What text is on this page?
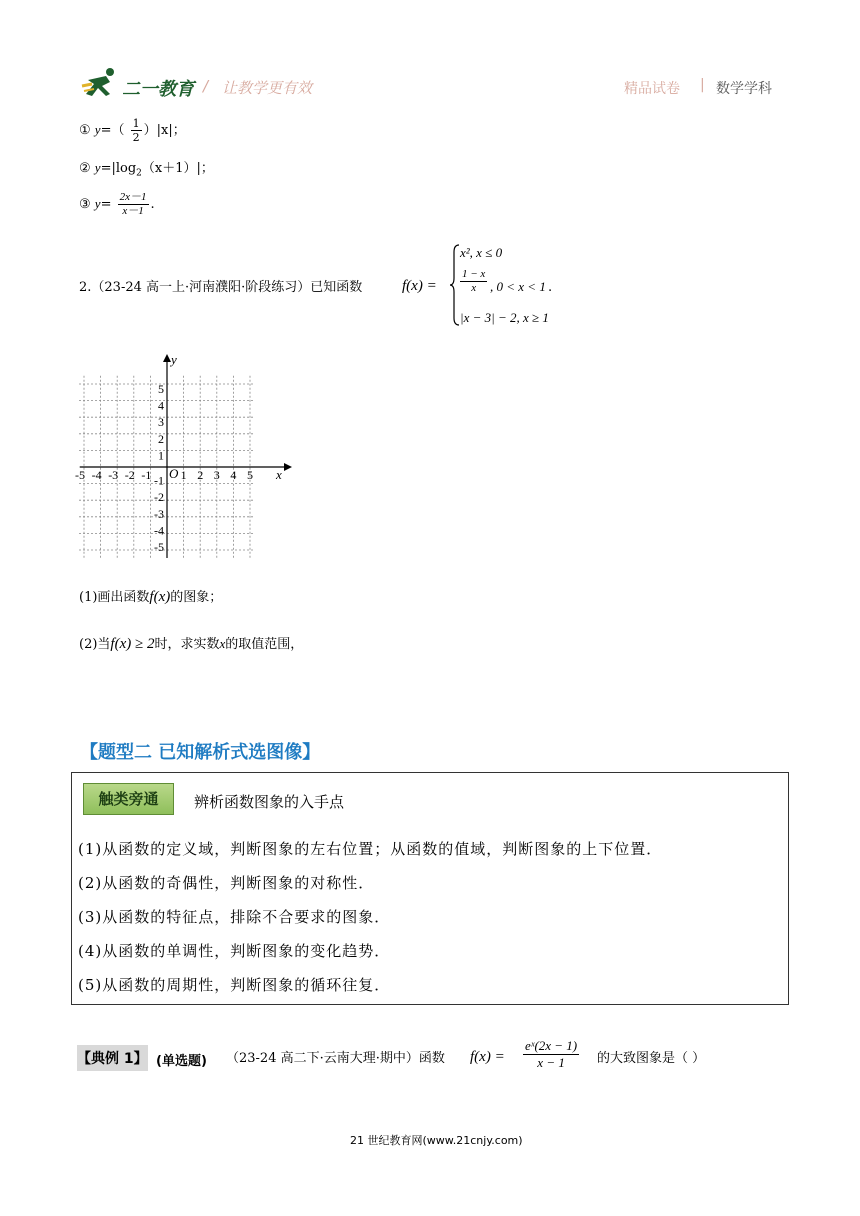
二一教育 / 让教学更有效	精品试卷 | 数学学科
① $y=( \frac{1}{2} )|x|$；
② $y=|\log_2(x+1)|$；
③ $y= \frac{2x-1}{x-1}$ .
2.（23-24 高一上·河南濮阳·阶段练习）已知函数	f(x) =
x², x ≤ 0
$\frac{1 - x}{x}$ , 0 < x < 1
|x − 3| − 2, x ≥ 1
.
y
x
O
-5 -4 -3 -2 -1 1 2 3 4 5
5
4
3
2
1
-1
-2
-3
-4
-5
(1)画出函数f(x)的图象；
(2)当f(x) ≥ 2时，求实数x的取值范围，
【题型二 已知解析式选图像】
触类旁通	辨析函数图象的入手点
(1)从函数的定义域，判断图象的左右位置；从函数的值域，判断图象的上下位置．
(2)从函数的奇偶性，判断图象的对称性．
(3)从函数的特征点，排除不合要求的图象．
(4)从函数的单调性，判断图象的变化趋势．
(5)从函数的周期性，判断图象的循环往复．
【典例 1】 (单选题) （23-24 高二下·云南大理·期中）函数 $f(x) = \frac{\text{eˣ(2x − 1)}}{x - 1}$ 的大致图象是（ ）
21 世纪教育网(www.21cnjy.com)
